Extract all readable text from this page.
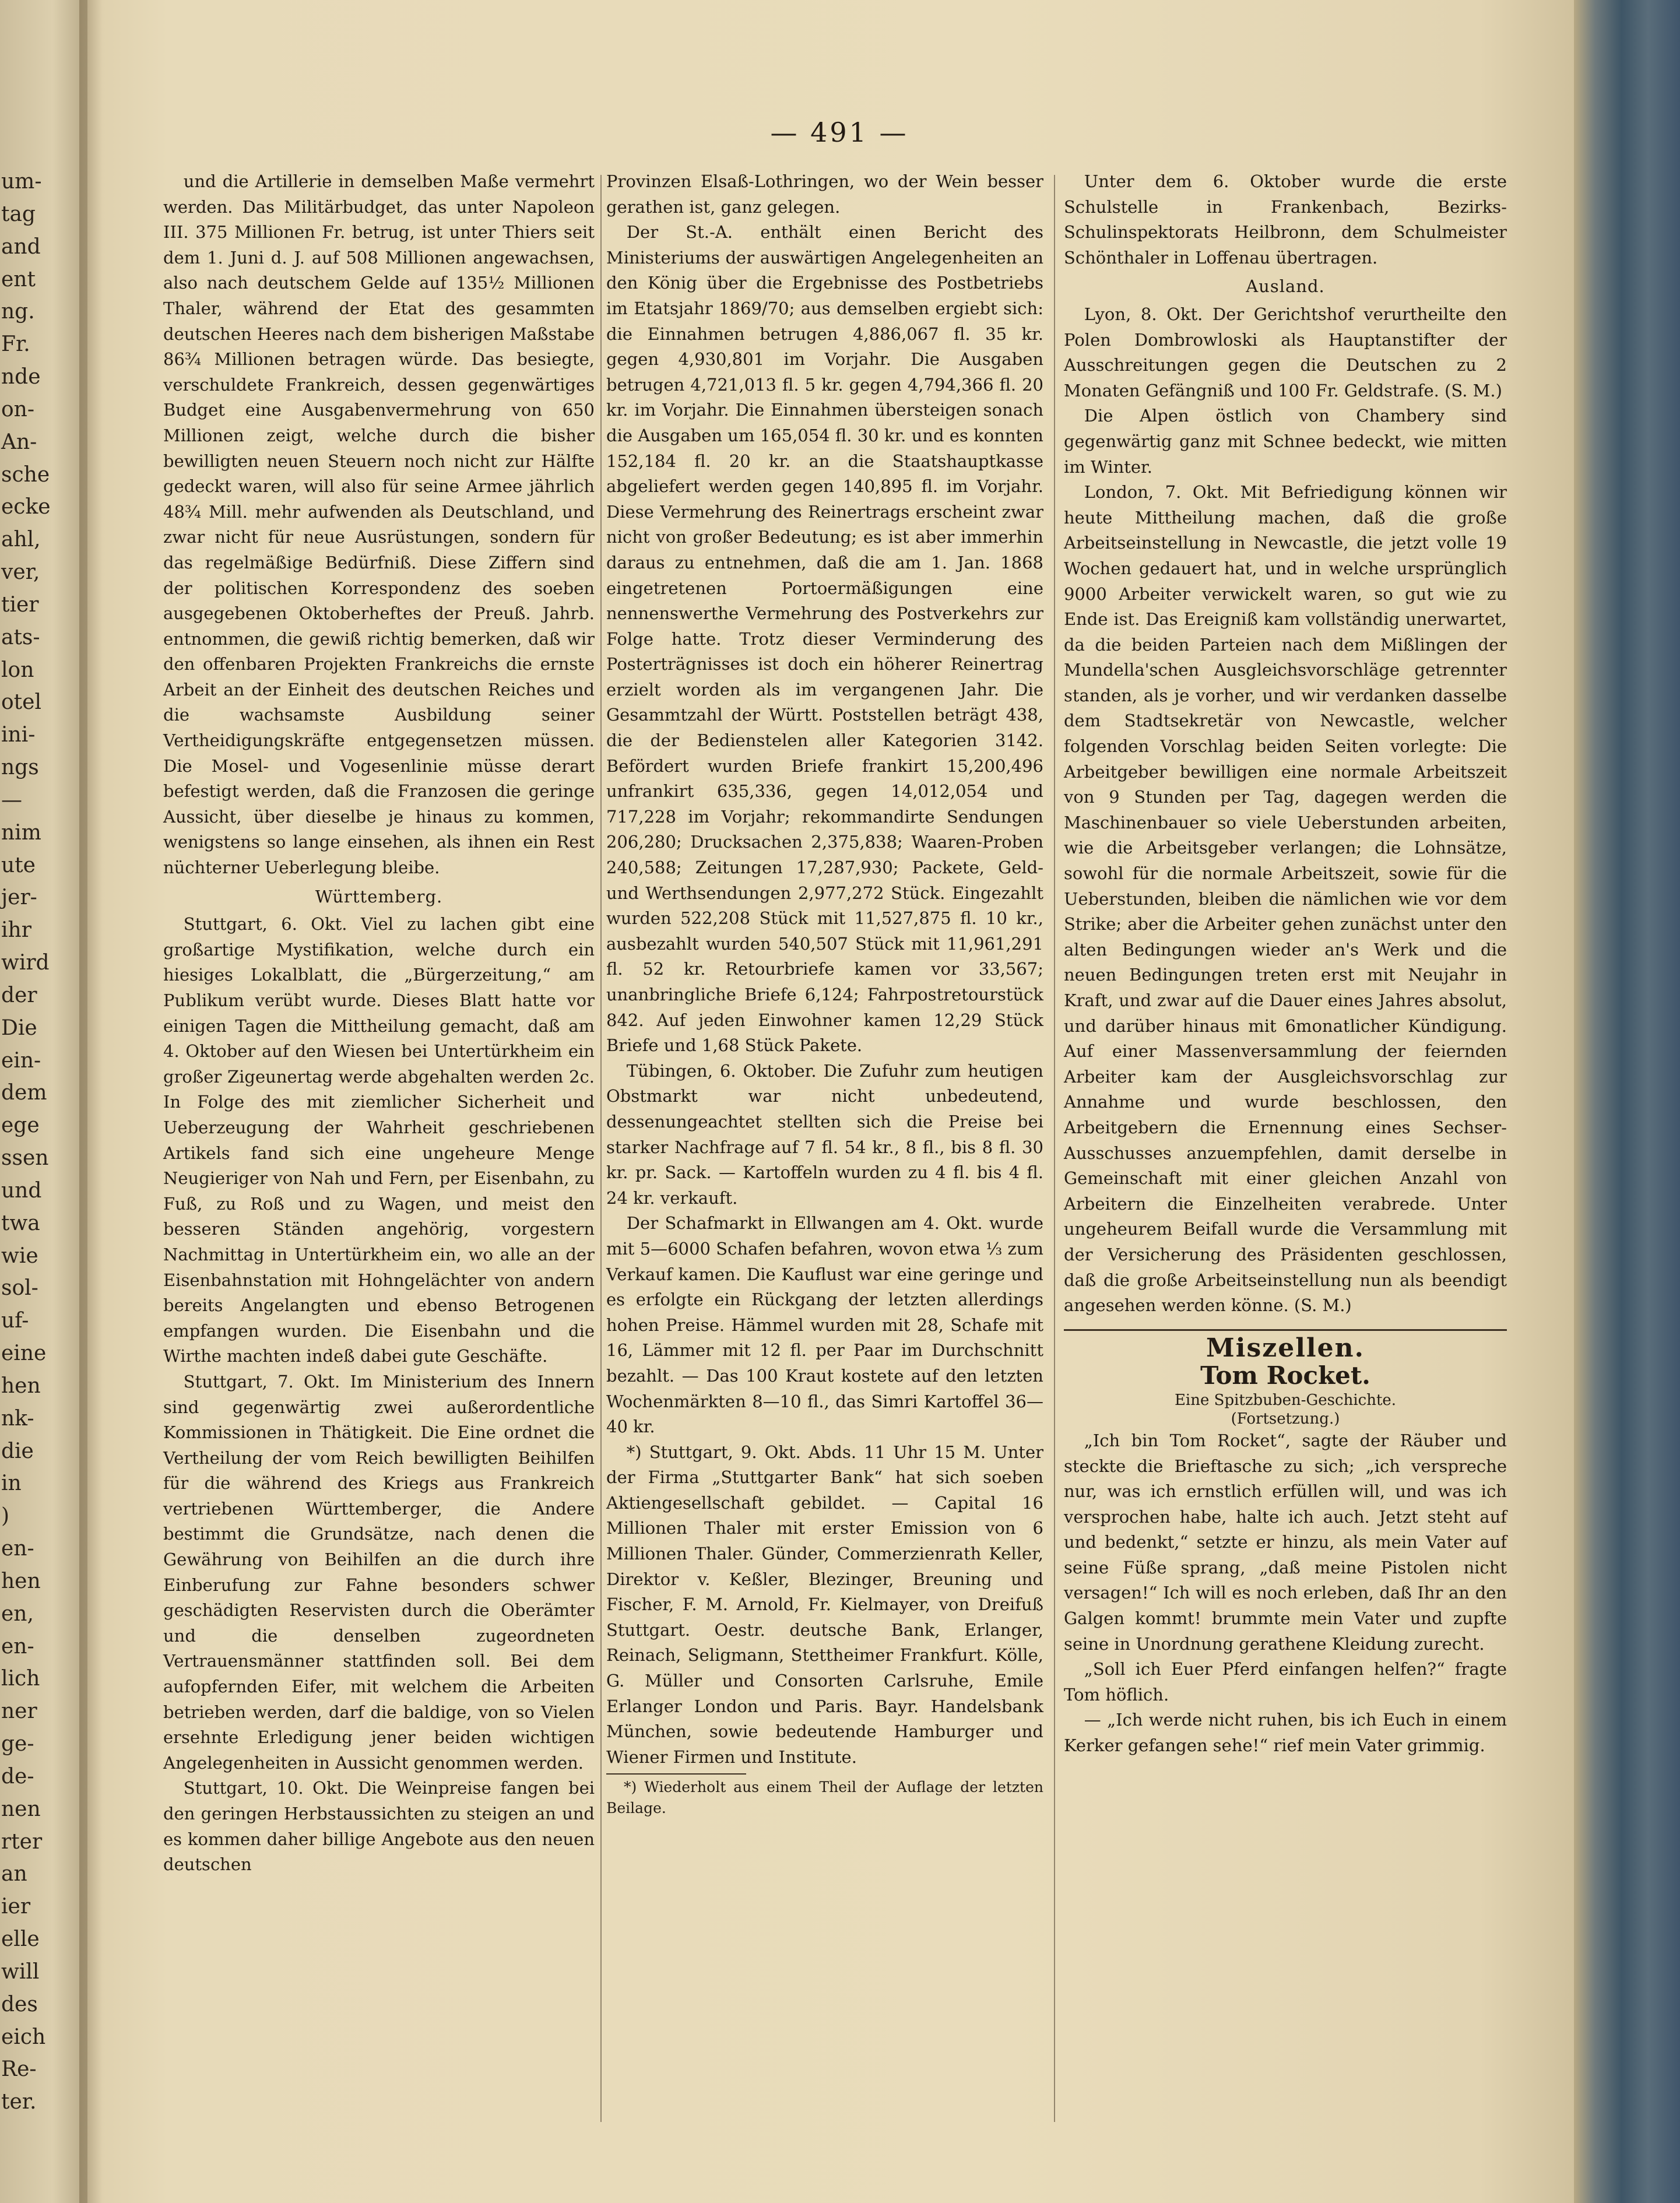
um-
tag
and
ent
ng.
Fr.
nde
on-
An-
sche
ecke
ahl,
ver,
tier
ats-
lon
otel
ini-
ngs
—
nim
ute
jer-
ihr
wird
der
Die
ein-
dem
ege
ssen
und
twa
wie
sol-
uf-
eine
hen
nk-
die
in
)
en-
hen
en,
en-
lich
ner
ge-
de-
nen
rter
an
ier
elle
will
des
eich
Re-
ter.
— 491 —

und die Artillerie in demselben Maße vermehrt werden. Das Militärbudget, das unter Napoleon III. 375 Millionen Fr. betrug, ist unter Thiers seit dem 1. Juni d. J. auf 508 Millionen angewachsen, also nach deutschem Gelde auf 135½ Millionen Thaler, während der Etat des gesammten deutschen Heeres nach dem bisherigen Maßstabe 86¾ Millionen betragen würde. Das besiegte, verschuldete Frankreich, dessen gegenwärtiges Budget eine Ausgabenvermehrung von 650 Millionen zeigt, welche durch die bisher bewilligten neuen Steuern noch nicht zur Hälfte gedeckt waren, will also für seine Armee jährlich 48¾ Mill. mehr aufwenden als Deutschland, und zwar nicht für neue Ausrüstungen, sondern für das regelmäßige Bedürfniß. Diese Ziffern sind der politischen Korrespondenz des soeben ausgegebenen Oktoberheftes der Preuß. Jahrb. entnommen, die gewiß richtig bemerken, daß wir den offenbaren Projekten Frankreichs die ernste Arbeit an der Einheit des deutschen Reiches und die wachsamste Ausbildung seiner Vertheidigungskräfte entgegensetzen müssen. Die Mosel- und Vogesenlinie müsse derart befestigt werden, daß die Franzosen die geringe Aussicht, über dieselbe je hinaus zu kommen, wenigstens so lange einsehen, als ihnen ein Rest nüchterner Ueberlegung bleibe.

Württemberg.

Stuttgart, 6. Okt. Viel zu lachen gibt eine großartige Mystifikation, welche durch ein hiesiges Lokalblatt, die „Bürgerzeitung,“ am Publikum verübt wurde. Dieses Blatt hatte vor einigen Tagen die Mittheilung gemacht, daß am 4. Oktober auf den Wiesen bei Untertürkheim ein großer Zigeunertag werde abgehalten werden 2c. In Folge des mit ziemlicher Sicherheit und Ueberzeugung der Wahrheit geschriebenen Artikels fand sich eine ungeheure Menge Neugieriger von Nah und Fern, per Eisenbahn, zu Fuß, zu Roß und zu Wagen, und meist den besseren Ständen angehörig, vorgestern Nachmittag in Untertürkheim ein, wo alle an der Eisenbahnstation mit Hohngelächter von andern bereits Angelangten und ebenso Betrogenen empfangen wurden. Die Eisenbahn und die Wirthe machten indeß dabei gute Geschäfte.

Stuttgart, 7. Okt. Im Ministerium des Innern sind gegenwärtig zwei außerordentliche Kommissionen in Thätigkeit. Die Eine ordnet die Vertheilung der vom Reich bewilligten Beihilfen für die während des Kriegs aus Frankreich vertriebenen Württemberger, die Andere bestimmt die Grundsätze, nach denen die Gewährung von Beihilfen an die durch ihre Einberufung zur Fahne besonders schwer geschädigten Reservisten durch die Oberämter und die denselben zugeordneten Vertrauensmänner stattfinden soll. Bei dem aufopfernden Eifer, mit welchem die Arbeiten betrieben werden, darf die baldige, von so Vielen ersehnte Erledigung jener beiden wichtigen Angelegenheiten in Aussicht genommen werden.

Stuttgart, 10. Okt. Die Weinpreise fangen bei den geringen Herbstaussichten zu steigen an und es kommen daher billige Angebote aus den neuen deutschen

Provinzen Elsaß-Lothringen, wo der Wein besser gerathen ist, ganz gelegen.

Der St.-A. enthält einen Bericht des Ministeriums der auswärtigen Angelegenheiten an den König über die Ergebnisse des Postbetriebs im Etatsjahr 1869/70; aus demselben ergiebt sich: die Einnahmen betrugen 4,886,067 fl. 35 kr. gegen 4,930,801 im Vorjahr. Die Ausgaben betrugen 4,721,013 fl. 5 kr. gegen 4,794,366 fl. 20 kr. im Vorjahr. Die Einnahmen übersteigen sonach die Ausgaben um 165,054 fl. 30 kr. und es konnten 152,184 fl. 20 kr. an die Staatshauptkasse abgeliefert werden gegen 140,895 fl. im Vorjahr. Diese Vermehrung des Reinertrags erscheint zwar nicht von großer Bedeutung; es ist aber immerhin daraus zu entnehmen, daß die am 1. Jan. 1868 eingetretenen Portoermäßigungen eine nennenswerthe Vermehrung des Postverkehrs zur Folge hatte. Trotz dieser Verminderung des Posterträgnisses ist doch ein höherer Reinertrag erzielt worden als im vergangenen Jahr. Die Gesammtzahl der Württ. Poststellen beträgt 438, die der Bedienstelen aller Kategorien 3142. Befördert wurden Briefe frankirt 15,200,496 unfrankirt 635,336, gegen 14,012,054 und 717,228 im Vorjahr; rekommandirte Sendungen 206,280; Drucksachen 2,375,838; Waaren-Proben 240,588; Zeitungen 17,287,930; Packete, Geld- und Werthsendungen 2,977,272 Stück. Eingezahlt wurden 522,208 Stück mit 11,527,875 fl. 10 kr., ausbezahlt wurden 540,507 Stück mit 11,961,291 fl. 52 kr. Retourbriefe kamen vor 33,567; unanbringliche Briefe 6,124; Fahrpostretourstück 842. Auf jeden Einwohner kamen 12,29 Stück Briefe und 1,68 Stück Pakete.

Tübingen, 6. Oktober. Die Zufuhr zum heutigen Obstmarkt war nicht unbedeutend, dessenungeachtet stellten sich die Preise bei starker Nachfrage auf 7 fl. 54 kr., 8 fl., bis 8 fl. 30 kr. pr. Sack. — Kartoffeln wurden zu 4 fl. bis 4 fl. 24 kr. verkauft.

Der Schafmarkt in Ellwangen am 4. Okt. wurde mit 5—6000 Schafen befahren, wovon etwa ⅓ zum Verkauf kamen. Die Kauflust war eine geringe und es erfolgte ein Rückgang der letzten allerdings hohen Preise. Hämmel wurden mit 28, Schafe mit 16, Lämmer mit 12 fl. per Paar im Durchschnitt bezahlt. — Das 100 Kraut kostete auf den letzten Wochenmärkten 8—10 fl., das Simri Kartoffel 36—40 kr.

*) Stuttgart, 9. Okt. Abds. 11 Uhr 15 M. Unter der Firma „Stuttgarter Bank“ hat sich soeben Aktiengesellschaft gebildet. — Capital 16 Millionen Thaler mit erster Emission von 6 Millionen Thaler. Günder, Commerzienrath Keller, Direktor v. Keßler, Blezinger, Breuning und Fischer, F. M. Arnold, Fr. Kielmayer, von Dreifuß Stuttgart. Oestr. deutsche Bank, Erlanger, Reinach, Seligmann, Stettheimer Frankfurt. Kölle, G. Müller und Consorten Carlsruhe, Emile Erlanger London und Paris. Bayr. Handelsbank München, sowie bedeutende Hamburger und Wiener Firmen und Institute.

*) Wiederholt aus einem Theil der Auflage der letzten Beilage.

Unter dem 6. Oktober wurde die erste Schulstelle in Frankenbach, Bezirks-Schulinspektorats Heilbronn, dem Schulmeister Schönthaler in Loffenau übertragen.

Ausland.

Lyon, 8. Okt. Der Gerichtshof verurtheilte den Polen Dombrowloski als Hauptanstifter der Ausschreitungen gegen die Deutschen zu 2 Monaten Gefängniß und 100 Fr. Geldstrafe. (S. M.)

Die Alpen östlich von Chambery sind gegenwärtig ganz mit Schnee bedeckt, wie mitten im Winter.

London, 7. Okt. Mit Befriedigung können wir heute Mittheilung machen, daß die große Arbeitseinstellung in Newcastle, die jetzt volle 19 Wochen gedauert hat, und in welche ursprünglich 9000 Arbeiter verwickelt waren, so gut wie zu Ende ist. Das Ereigniß kam vollständig unerwartet, da die beiden Parteien nach dem Mißlingen der Mundella'schen Ausgleichsvorschläge getrennter standen, als je vorher, und wir verdanken dasselbe dem Stadtsekretär von Newcastle, welcher folgenden Vorschlag beiden Seiten vorlegte: Die Arbeitgeber bewilligen eine normale Arbeitszeit von 9 Stunden per Tag, dagegen werden die Maschinenbauer so viele Ueberstunden arbeiten, wie die Arbeitsgeber verlangen; die Lohnsätze, sowohl für die normale Arbeitszeit, sowie für die Ueberstunden, bleiben die nämlichen wie vor dem Strike; aber die Arbeiter gehen zunächst unter den alten Bedingungen wieder an's Werk und die neuen Bedingungen treten erst mit Neujahr in Kraft, und zwar auf die Dauer eines Jahres absolut, und darüber hinaus mit 6monatlicher Kündigung. Auf einer Massenversammlung der feiernden Arbeiter kam der Ausgleichsvorschlag zur Annahme und wurde beschlossen, den Arbeitgebern die Ernennung eines Sechser-Ausschusses anzuempfehlen, damit derselbe in Gemeinschaft mit einer gleichen Anzahl von Arbeitern die Einzelheiten verabrede. Unter ungeheurem Beifall wurde die Versammlung mit der Versicherung des Präsidenten geschlossen, daß die große Arbeitseinstellung nun als beendigt angesehen werden könne. (S. M.)

Miszellen.

Tom Rocket.

Eine Spitzbuben-Geschichte.

(Fortsetzung.)

„Ich bin Tom Rocket“, sagte der Räuber und steckte die Brieftasche zu sich; „ich verspreche nur, was ich ernstlich erfüllen will, und was ich versprochen habe, halte ich auch. Jetzt steht auf und bedenkt,“ setzte er hinzu, als mein Vater auf seine Füße sprang, „daß meine Pistolen nicht versagen!“ Ich will es noch erleben, daß Ihr an den Galgen kommt! brummte mein Vater und zupfte seine in Unordnung gerathene Kleidung zurecht.

„Soll ich Euer Pferd einfangen helfen?“ fragte Tom höflich.

— „Ich werde nicht ruhen, bis ich Euch in einem Kerker gefangen sehe!“ rief mein Vater grimmig.
